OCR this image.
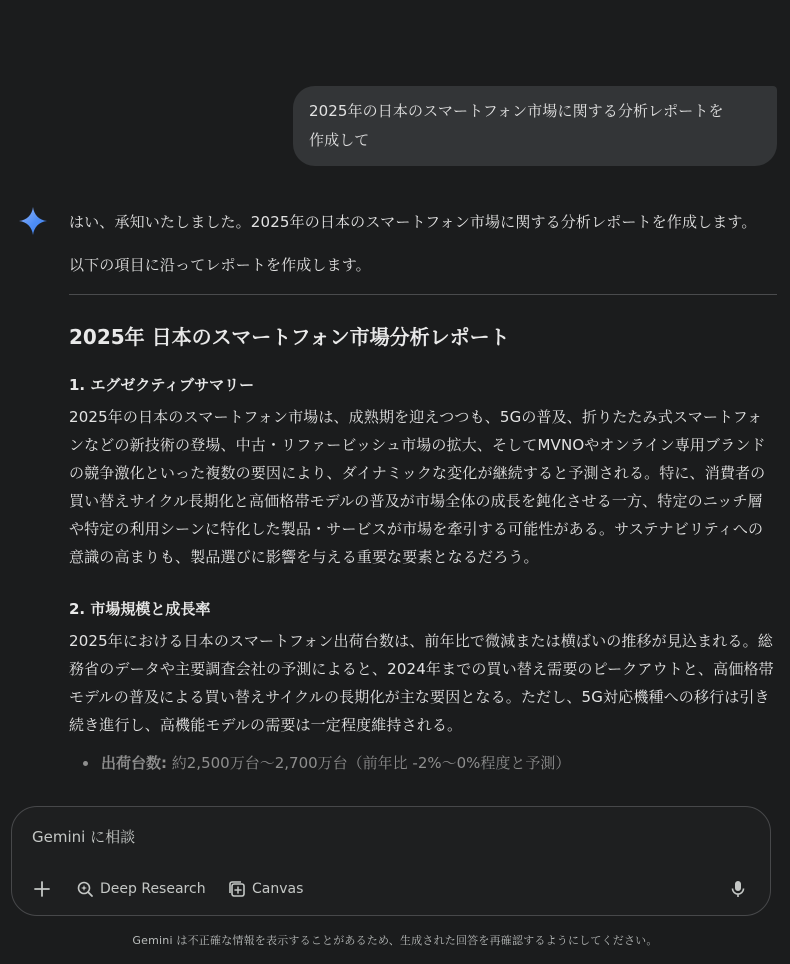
2025年の日本のスマートフォン市場に関する分析レポートを
作成して

はい、承知いたしました。2025年の日本のスマートフォン市場に関する分析レポートを作成します。

以下の項目に沿ってレポートを作成します。

2025年 日本のスマートフォン市場分析レポート
1. エグゼクティブサマリー

2025年の日本のスマートフォン市場は、成熟期を迎えつつも、5Gの普及、折りたたみ式スマートフォンなどの新技術の登場、中古・リファービッシュ市場の拡大、そしてMVNOやオンライン専用ブランドの競争激化といった複数の要因により、ダイナミックな変化が継続すると予測される。特に、消費者の買い替えサイクル長期化と高価格帯モデルの普及が市場全体の成長を鈍化させる一方、特定のニッチ層や特定の利用シーンに特化した製品・サービスが市場を牽引する可能性がある。サステナビリティへの意識の高まりも、製品選びに影響を与える重要な要素となるだろう。

2. 市場規模と成長率

2025年における日本のスマートフォン出荷台数は、前年比で微減または横ばいの推移が見込まれる。総務省のデータや主要調査会社の予測によると、2024年までの買い替え需要のピークアウトと、高価格帯モデルの普及による買い替えサイクルの長期化が主な要因となる。ただし、5G対応機種への移行は引き続き進行し、高機能モデルの需要は一定程度維持される。

出荷台数: 約2,500万台〜2,700万台（前年比 -2%〜0%程度と予測）
Gemini に相談
Deep Research	Canvas
Gemini は不正確な情報を表示することがあるため、生成された回答を再確認するようにしてください。
